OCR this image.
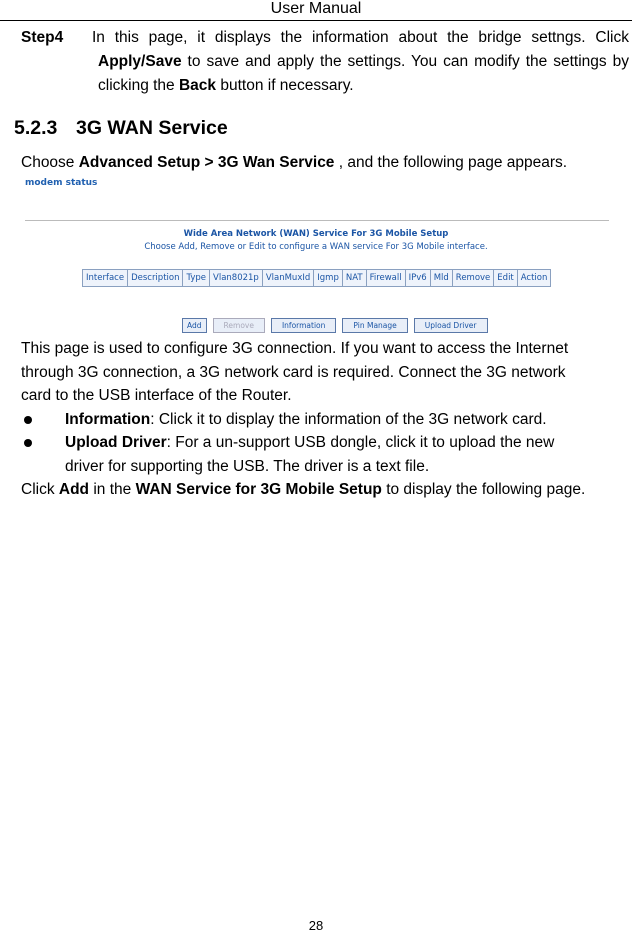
User Manual
Step4 In this page, it displays the information about the bridge settngs. Click Apply/Save to save and apply the settings. You can modify the settings by clicking the Back button if necessary.
5.2.3 3G WAN Service
Choose Advanced Setup > 3G Wan Service , and the following page appears.
modem status
Wide Area Network (WAN) Service For 3G Mobile Setup
Choose Add, Remove or Edit to configure a WAN service For 3G Mobile interface.
Interface Description Type Vlan8021p VlanMuxId Igmp NAT Firewall IPv6 Mld Remove Edit Action
Add	Remove	Information	Pin Manage	Upload Driver
This page is used to configure 3G connection. If you want to access the Internet
through 3G connection, a 3G network card is required. Connect the 3G network
card to the USB interface of the Router.
Information: Click it to display the information of the 3G network card.
Upload Driver: For a un-support USB dongle, click it to upload the new
driver for supporting the USB. The driver is a text file.
Click Add in the WAN Service for 3G Mobile Setup to display the following page.
28
